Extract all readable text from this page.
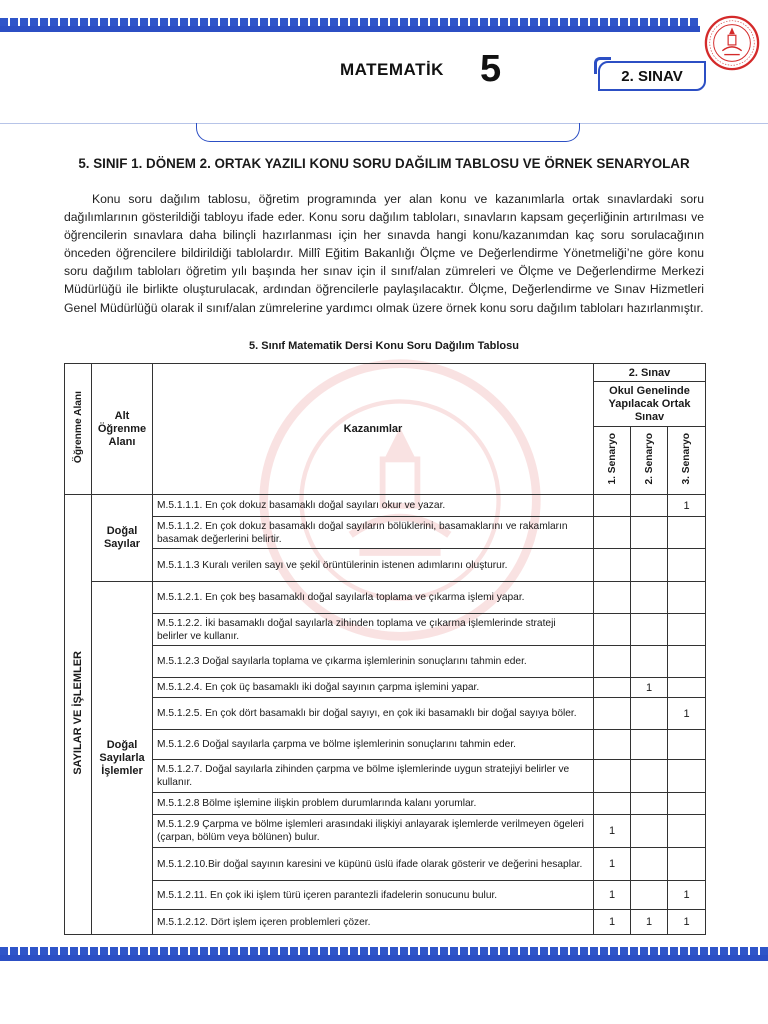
MATEMATİK 5	2. SINAV
5. SINIF 1. DÖNEM 2. ORTAK YAZILI KONU SORU DAĞILIM TABLOSU VE ÖRNEK SENARYOLAR
Konu soru dağılım tablosu, öğretim programında yer alan konu ve kazanımlarla ortak sınavlardaki soru dağılımlarının gösterildiği tabloyu ifade eder. Konu soru dağılım tabloları, sınavların kapsam geçerliğinin artırılması ve öğrencilerin sınavlara daha bilinçli hazırlanması için her sınavda hangi konu/kazanımdan kaç soru sorulacağının önceden öğrencilere bildirildiği tablolardır. Millî Eğitim Bakanlığı Ölçme ve Değerlendirme Yönetmeliği’ne göre konu soru dağılım tabloları öğretim yılı başında her sınav için il sınıf/alan zümreleri ve Ölçme ve Değerlendirme Merkezi Müdürlüğü ile birlikte oluşturulacak, ardından öğrencilerle paylaşılacaktır. Ölçme, Değerlendirme ve Sınav Hizmetleri Genel Müdürlüğü olarak il sınıf/alan zümrelerine yardımcı olmak üzere örnek konu soru dağılım tabloları hazırlanmıştır.
5. Sınıf Matematik Dersi Konu Soru Dağılım Tablosu
Öğrenme Alanı	Alt Öğrenme Alanı	Kazanımlar	2. Sınav		
			Okul Genelinde Yapılacak Ortak Sınav		
			1. Senaryo	2. Senaryo	3. Senaryo
SAYILAR VE İŞLEMLER	Doğal Sayılar	M.5.1.1.1. En çok dokuz basamaklı doğal sayıları okur ve yazar.			1
		M.5.1.1.2. En çok dokuz basamaklı doğal sayıların bölüklerini, basamaklarını ve rakamların basamak değerlerini belirtir.			
		M.5.1.1.3 Kuralı verilen sayı ve şekil örüntülerinin istenen adımlarını oluşturur.			
	Doğal Sayılarla İşlemler	M.5.1.2.1. En çok beş basamaklı doğal sayılarla toplama ve çıkarma işlemi yapar.			
		M.5.1.2.2. İki basamaklı doğal sayılarla zihinden toplama ve çıkarma işlemlerinde strateji belirler ve kullanır.			
		M.5.1.2.3 Doğal sayılarla toplama ve çıkarma işlemlerinin sonuçlarını tahmin eder.			
		M.5.1.2.4. En çok üç basamaklı iki doğal sayının çarpma işlemini yapar.		1	
		M.5.1.2.5. En çok dört basamaklı bir doğal sayıyı, en çok iki basamaklı bir doğal sayıya böler.			1
		M.5.1.2.6 Doğal sayılarla çarpma ve bölme işlemlerinin sonuçlarını tahmin eder.			
		M.5.1.2.7. Doğal sayılarla zihinden çarpma ve bölme işlemlerinde uygun stratejiyi belirler ve kullanır.			
		M.5.1.2.8 Bölme işlemine ilişkin problem durumlarında kalanı yorumlar.			
		M.5.1.2.9 Çarpma ve bölme işlemleri arasındaki ilişkiyi anlayarak işlemlerde verilmeyen ögeleri (çarpan, bölüm veya bölünen) bulur.	1		
		M.5.1.2.10.Bir doğal sayının karesini ve küpünü üslü ifade olarak gösterir ve değerini hesaplar.	1		
		M.5.1.2.11. En çok iki işlem türü içeren parantezli ifadelerin sonucunu bulur.	1		1
		M.5.1.2.12. Dört işlem içeren problemleri çözer.	1	1	1
